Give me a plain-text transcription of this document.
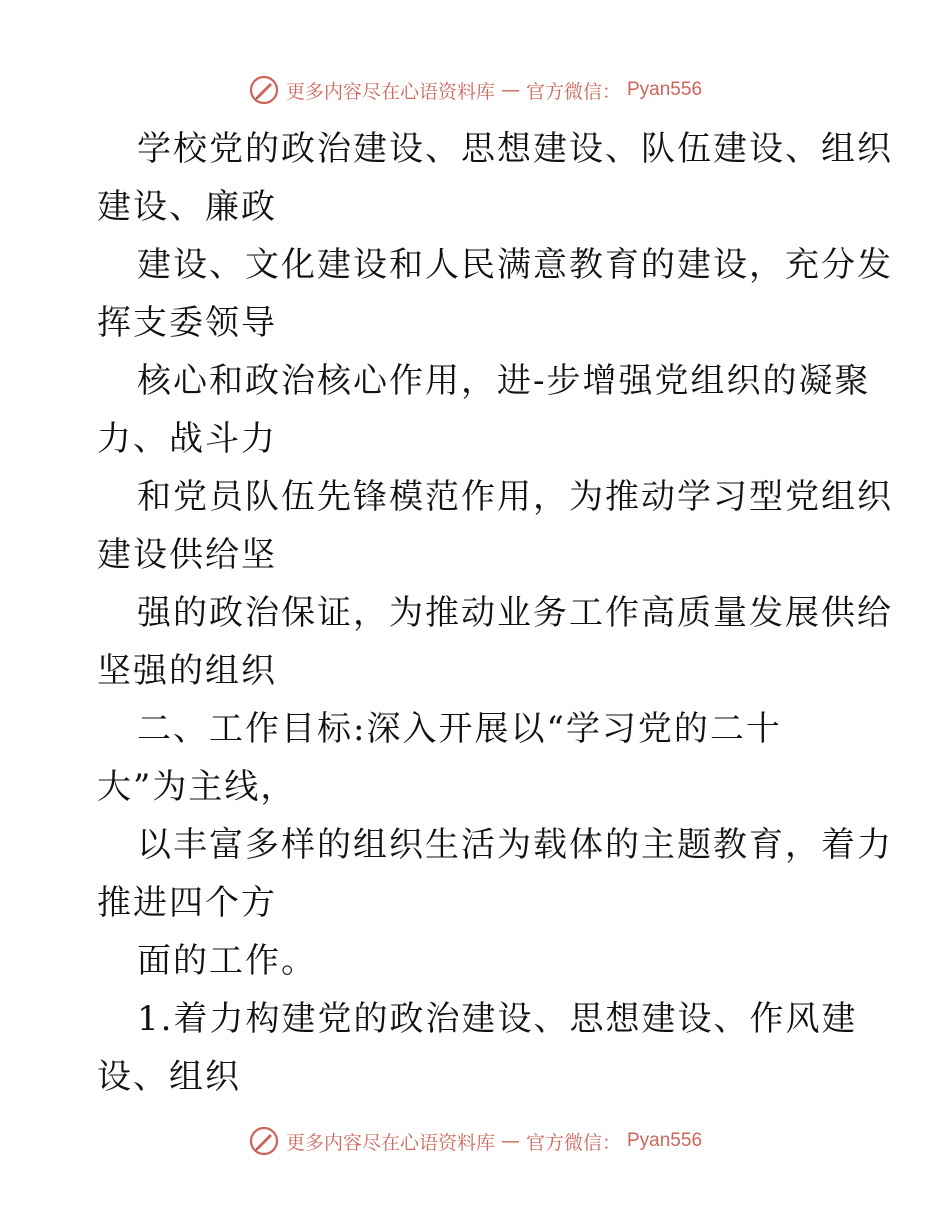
更多内容尽在心语资料库 — 官方微信： Pyan556
学校党的政治建设、思想建设、队伍建设、组织
建设、廉政
建设、文化建设和人民满意教育的建设，充分发
挥支委领导
核心和政治核心作用，进-步增强党组织的凝聚
力、战斗力
和党员队伍先锋模范作用，为推动学习型党组织
建设供给坚
强的政治保证，为推动业务工作高质量发展供给
坚强的组织
二、工作目标:深入开展以“学习党的二十
大”为主线，
以丰富多样的组织生活为载体的主题教育，着力
推进四个方
面的工作。
1.着力构建党的政治建设、思想建设、作风建
设、组织
更多内容尽在心语资料库 — 官方微信： Pyan556
